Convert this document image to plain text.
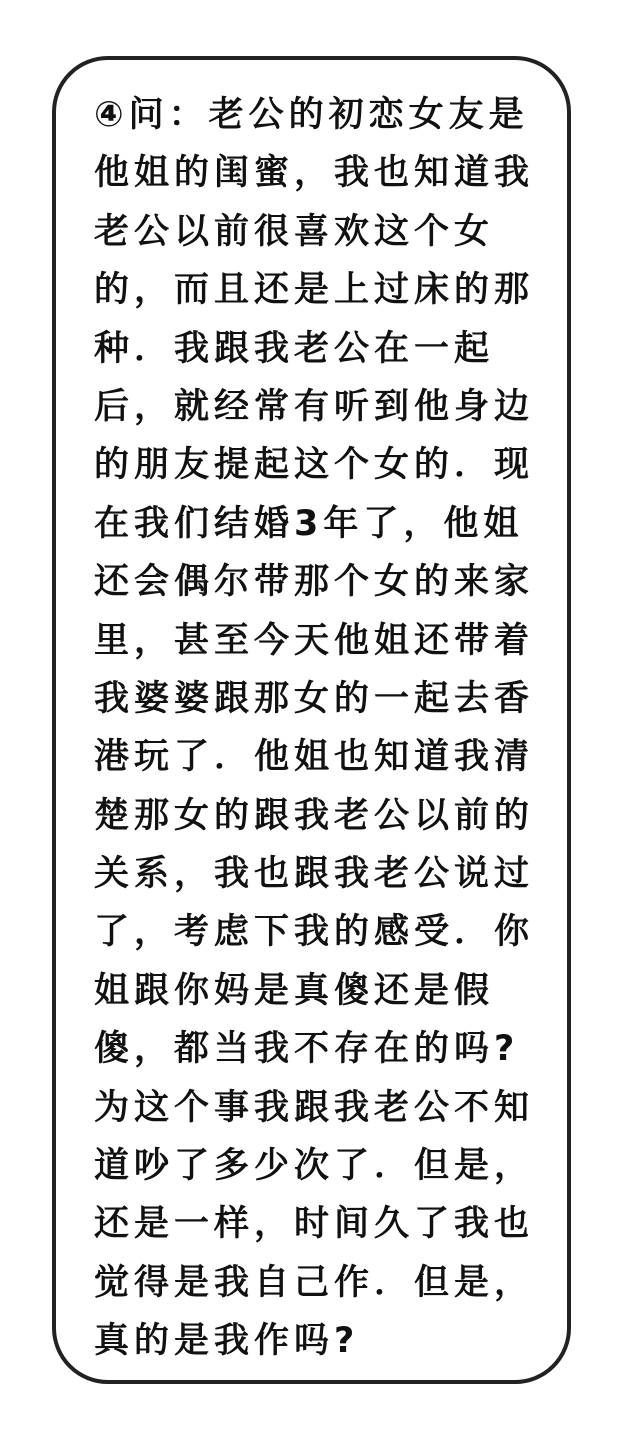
④问：老公的初恋女友是
他姐的闺蜜，我也知道我
老公以前很喜欢这个女
的，而且还是上过床的那
种．我跟我老公在一起
后，就经常有听到他身边
的朋友提起这个女的．现
在我们结婚3年了，他姐
还会偶尔带那个女的来家
里，甚至今天他姐还带着
我婆婆跟那女的一起去香
港玩了．他姐也知道我清
楚那女的跟我老公以前的
关系，我也跟我老公说过
了，考虑下我的感受．你
姐跟你妈是真傻还是假
傻，都当我不存在的吗?
为这个事我跟我老公不知
道吵了多少次了．但是，
还是一样，时间久了我也
觉得是我自己作．但是，
真的是我作吗?
